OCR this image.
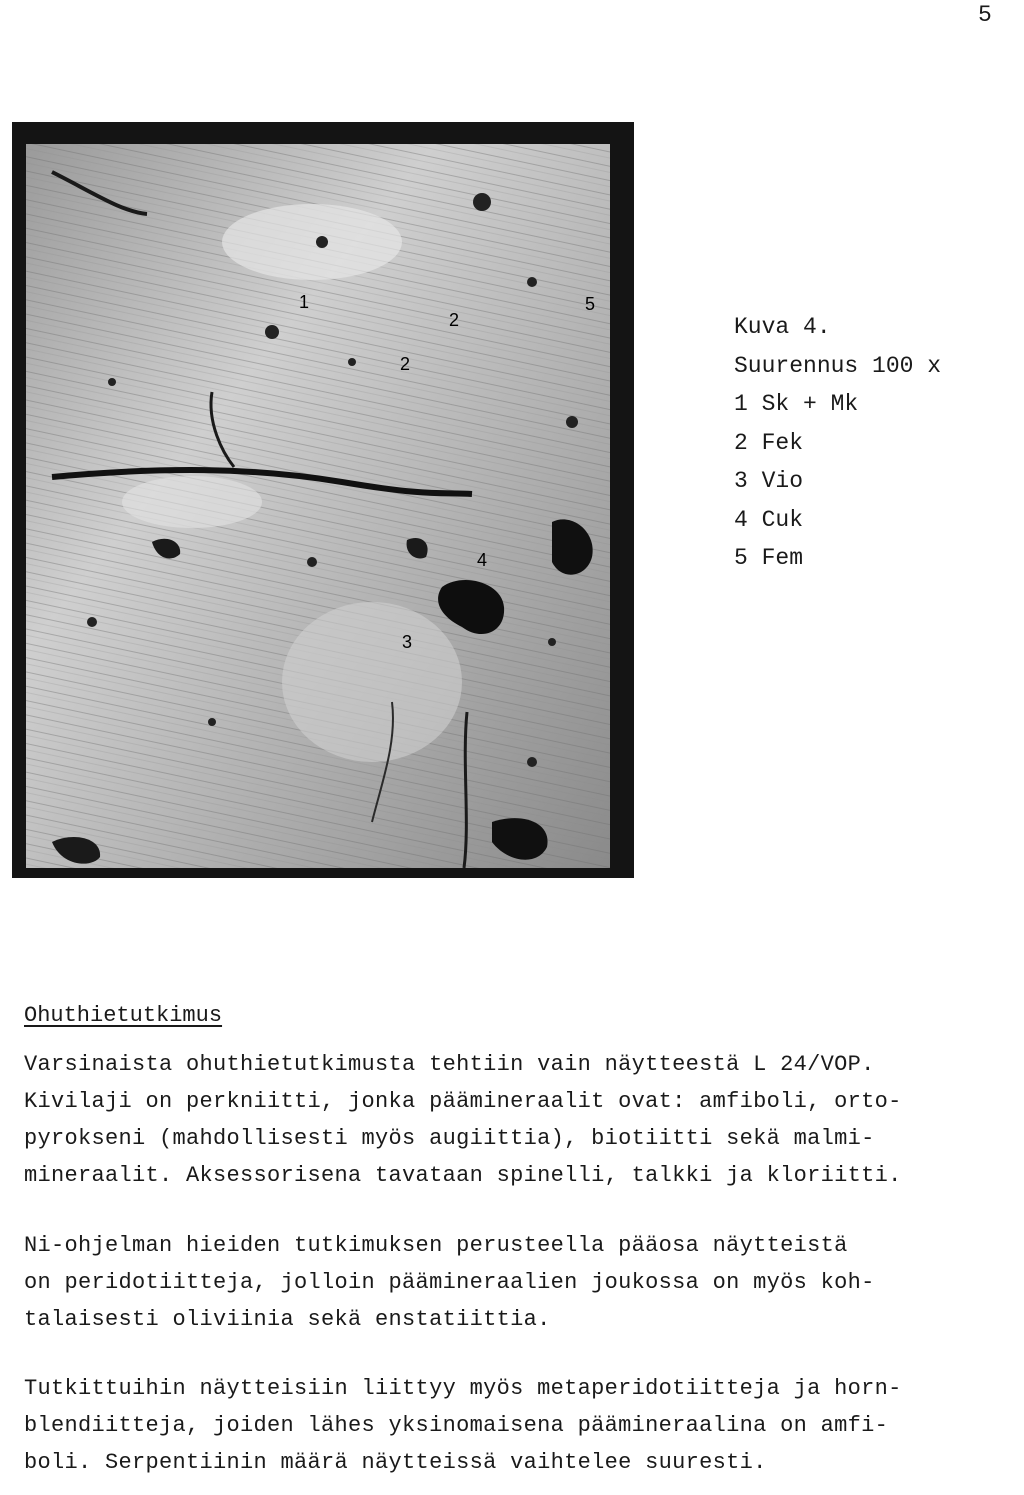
5
1
2
2
3
4
5
Kuva 4.
Suurennus 100 x
1 Sk + Mk
2 Fek
3 Vio
4 Cuk
5 Fem
Ohuthietutkimus
Varsinaista ohuthietutkimusta tehtiin vain näytteestä L 24/VOP.
Kivilaji on perkniitti, jonka päämineraalit ovat: amfiboli, orto-
pyrokseni (mahdollisesti myös augiittia), biotiitti sekä malmi-
mineraalit. Aksessorisena tavataan spinelli, talkki ja kloriitti.
Ni-ohjelman hieiden tutkimuksen perusteella pääosa näytteistä
on peridotiitteja, jolloin päämineraalien joukossa on myös koh-
talaisesti oliviinia sekä enstatiittia.
Tutkittuihin näytteisiin liittyy myös metaperidotiitteja ja horn-
blendiitteja, joiden lähes yksinomaisena päämineraalina on amfi-
boli. Serpentiinin määrä näytteissä vaihtelee suuresti.
